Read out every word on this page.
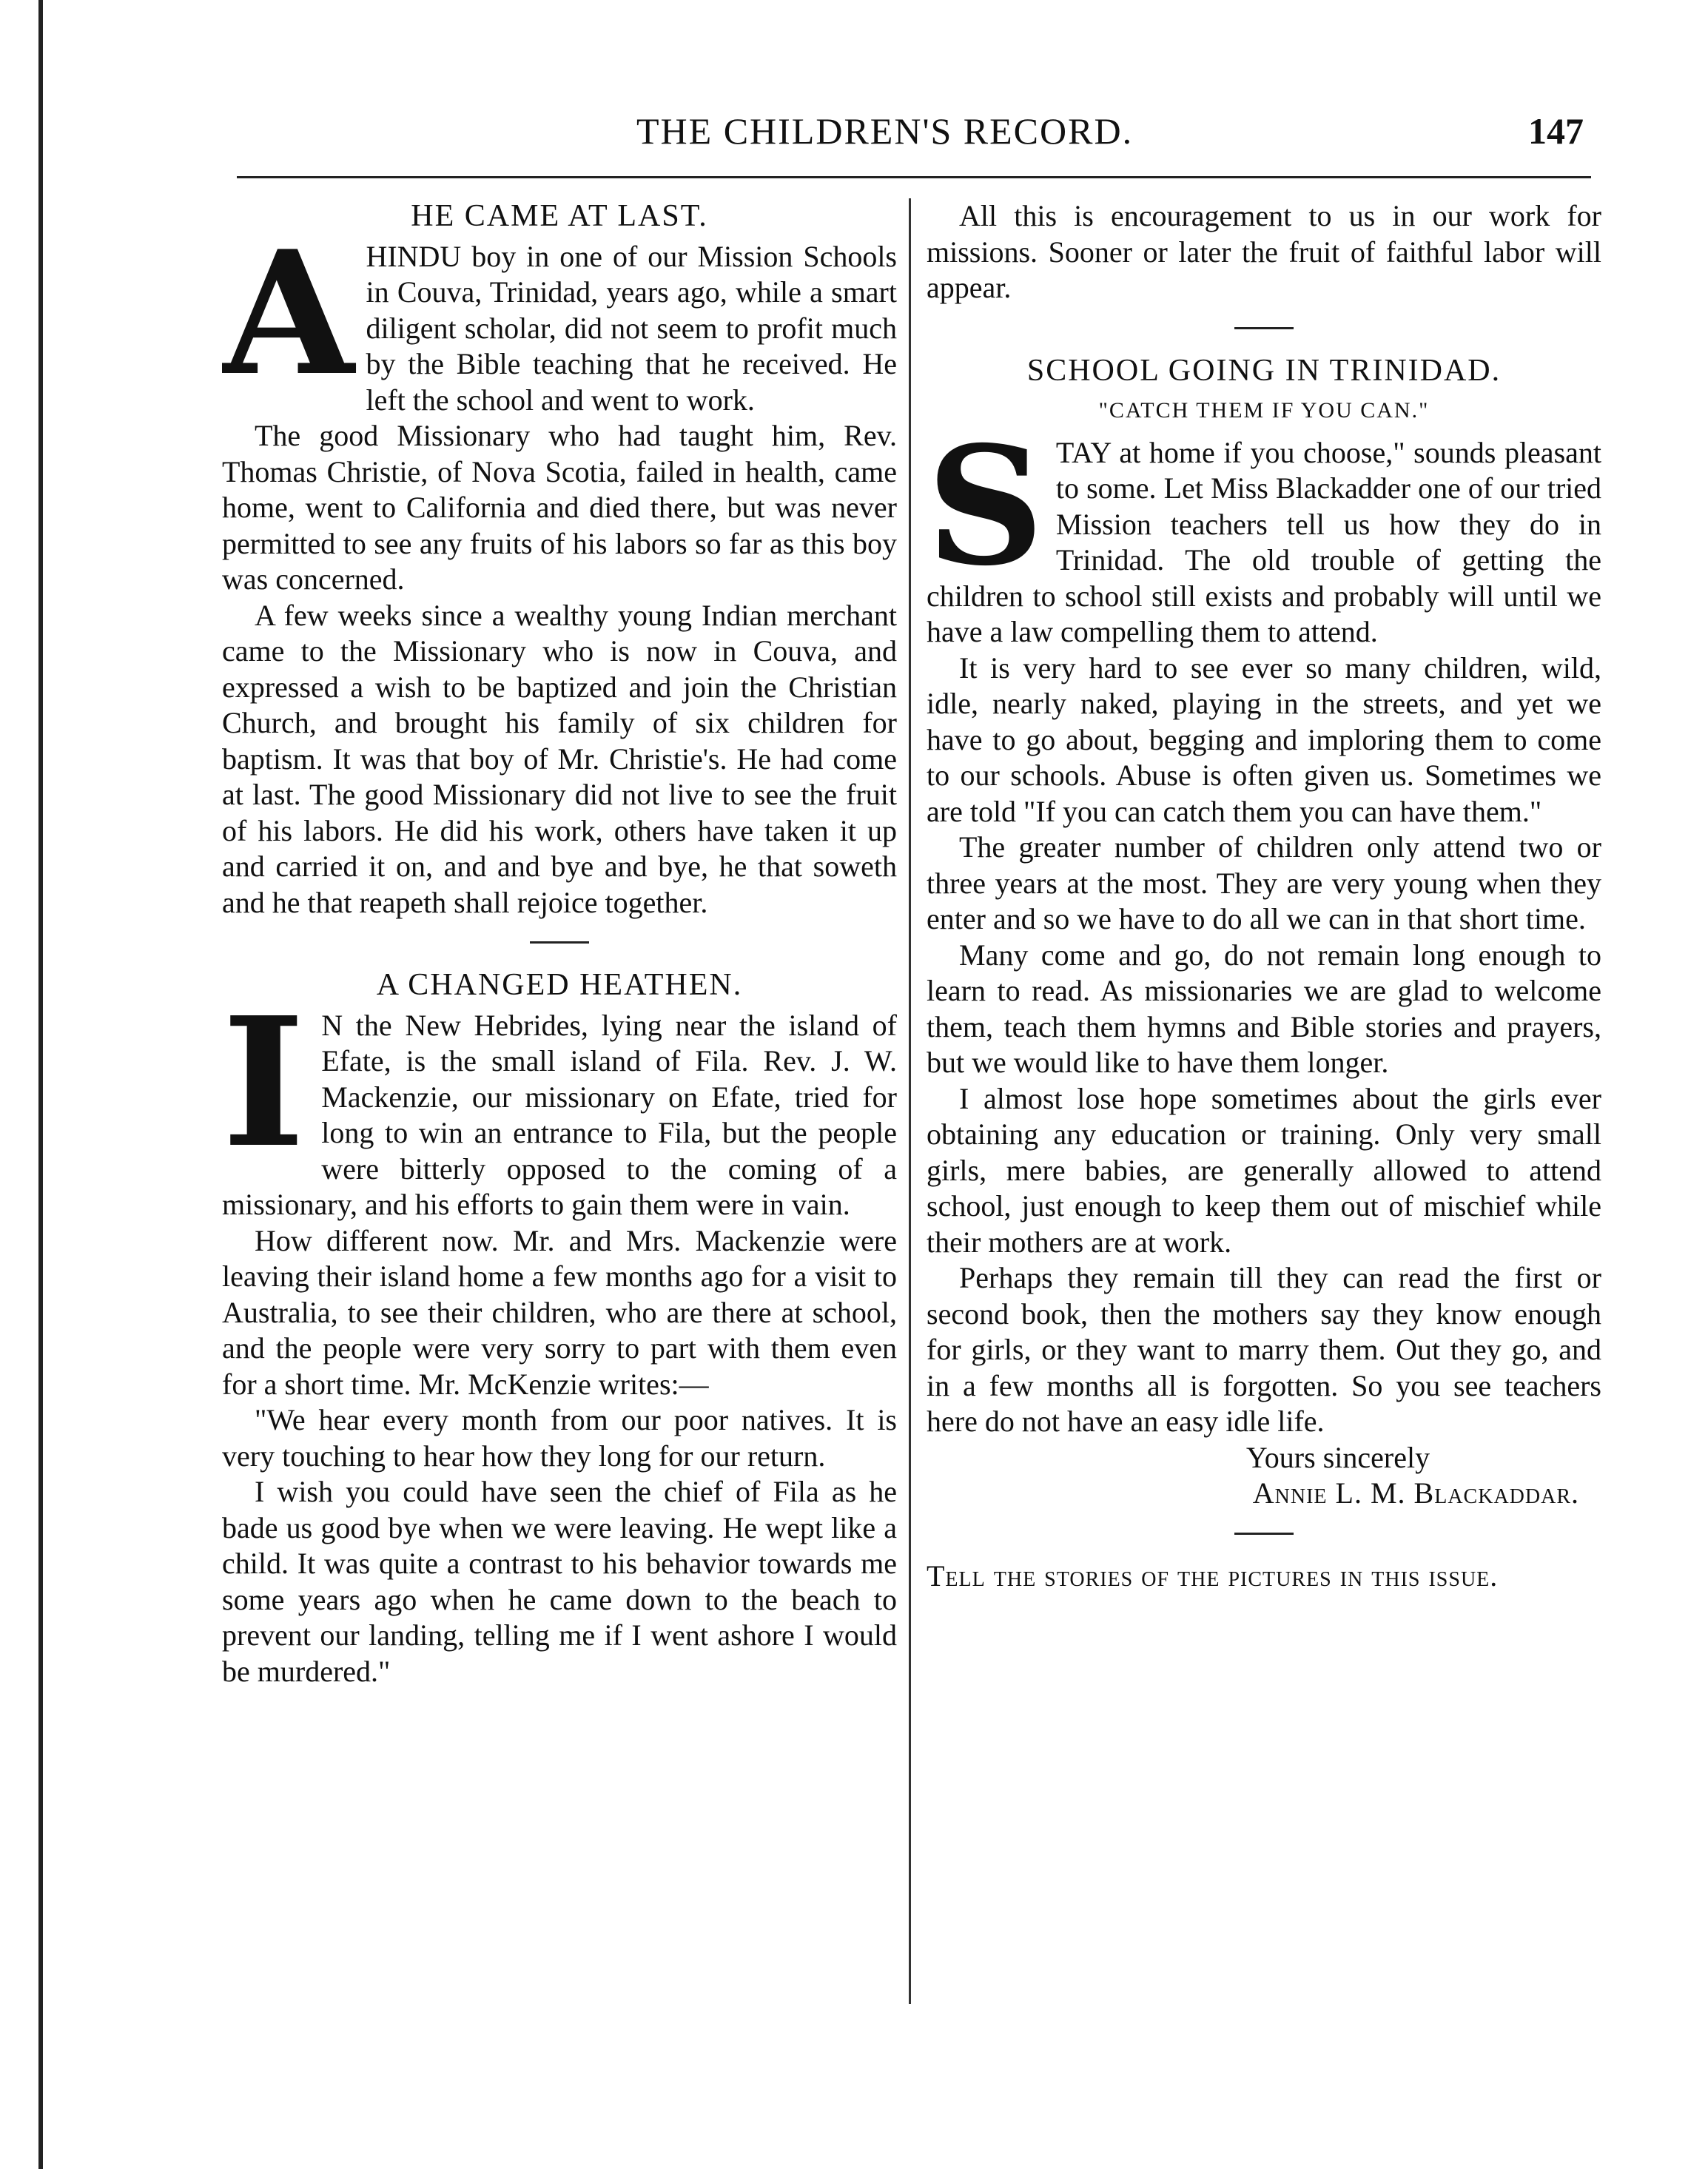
THE CHILDREN'S RECORD.	147
HE CAME AT LAST.

AHINDU boy in one of our Mission Schools in Couva, Trinidad, years ago, while a smart diligent scholar, did not seem to profit much by the Bible teaching that he received. He left the school and went to work.

The good Missionary who had taught him, Rev. Thomas Christie, of Nova Scotia, failed in health, came home, went to California and died there, but was never permitted to see any fruits of his labors so far as this boy was concerned.

A few weeks since a wealthy young Indian merchant came to the Missionary who is now in Couva, and expressed a wish to be baptized and join the Christian Church, and brought his family of six children for baptism. It was that boy of Mr. Christie's. He had come at last. The good Missionary did not live to see the fruit of his labors. He did his work, others have taken it up and carried it on, and and bye and bye, he that soweth and he that reapeth shall rejoice together.

A CHANGED HEATHEN.

I N the New Hebrides, lying near the island of Efate, is the small island of Fila. Rev. J. W. Mackenzie, our missionary on Efate, tried for long to win an entrance to Fila, but the people were bitterly opposed to the coming of a missionary, and his efforts to gain them were in vain.

How different now. Mr. and Mrs. Mackenzie were leaving their island home a few months ago for a visit to Australia, to see their children, who are there at school, and the people were very sorry to part with them even for a short time. Mr. McKenzie writes:—

"We hear every month from our poor natives. It is very touching to hear how they long for our return.

I wish you could have seen the chief of Fila as he bade us good bye when we were leaving. He wept like a child. It was quite a contrast to his behavior towards me some years ago when he came down to the beach to prevent our landing, telling me if I went ashore I would be murdered."

All this is encouragement to us in our work for missions. Sooner or later the fruit of faithful labor will appear.

SCHOOL GOING IN TRINIDAD.
"CATCH THEM IF YOU CAN."

STAY at home if you choose," sounds pleasant to some. Let Miss Blackadder one of our tried Mission teachers tell us how they do in Trinidad. The old trouble of getting the children to school still exists and probably will until we have a law compelling them to attend.

It is very hard to see ever so many children, wild, idle, nearly naked, playing in the streets, and yet we have to go about, begging and imploring them to come to our schools. Abuse is often given us. Sometimes we are told "If you can catch them you can have them."

The greater number of children only attend two or three years at the most. They are very young when they enter and so we have to do all we can in that short time.

Many come and go, do not remain long enough to learn to read. As missionaries we are glad to welcome them, teach them hymns and Bible stories and prayers, but we would like to have them longer.

I almost lose hope sometimes about the girls ever obtaining any education or training. Only very small girls, mere babies, are generally allowed to attend school, just enough to keep them out of mischief while their mothers are at work.

Perhaps they remain till they can read the first or second book, then the mothers say they know enough for girls, or they want to marry them. Out they go, and in a few months all is forgotten. So you see teachers here do not have an easy idle life.

Yours sincerely

Annie L. M. Blackaddar.

Tell the stories of the pictures in this issue.
